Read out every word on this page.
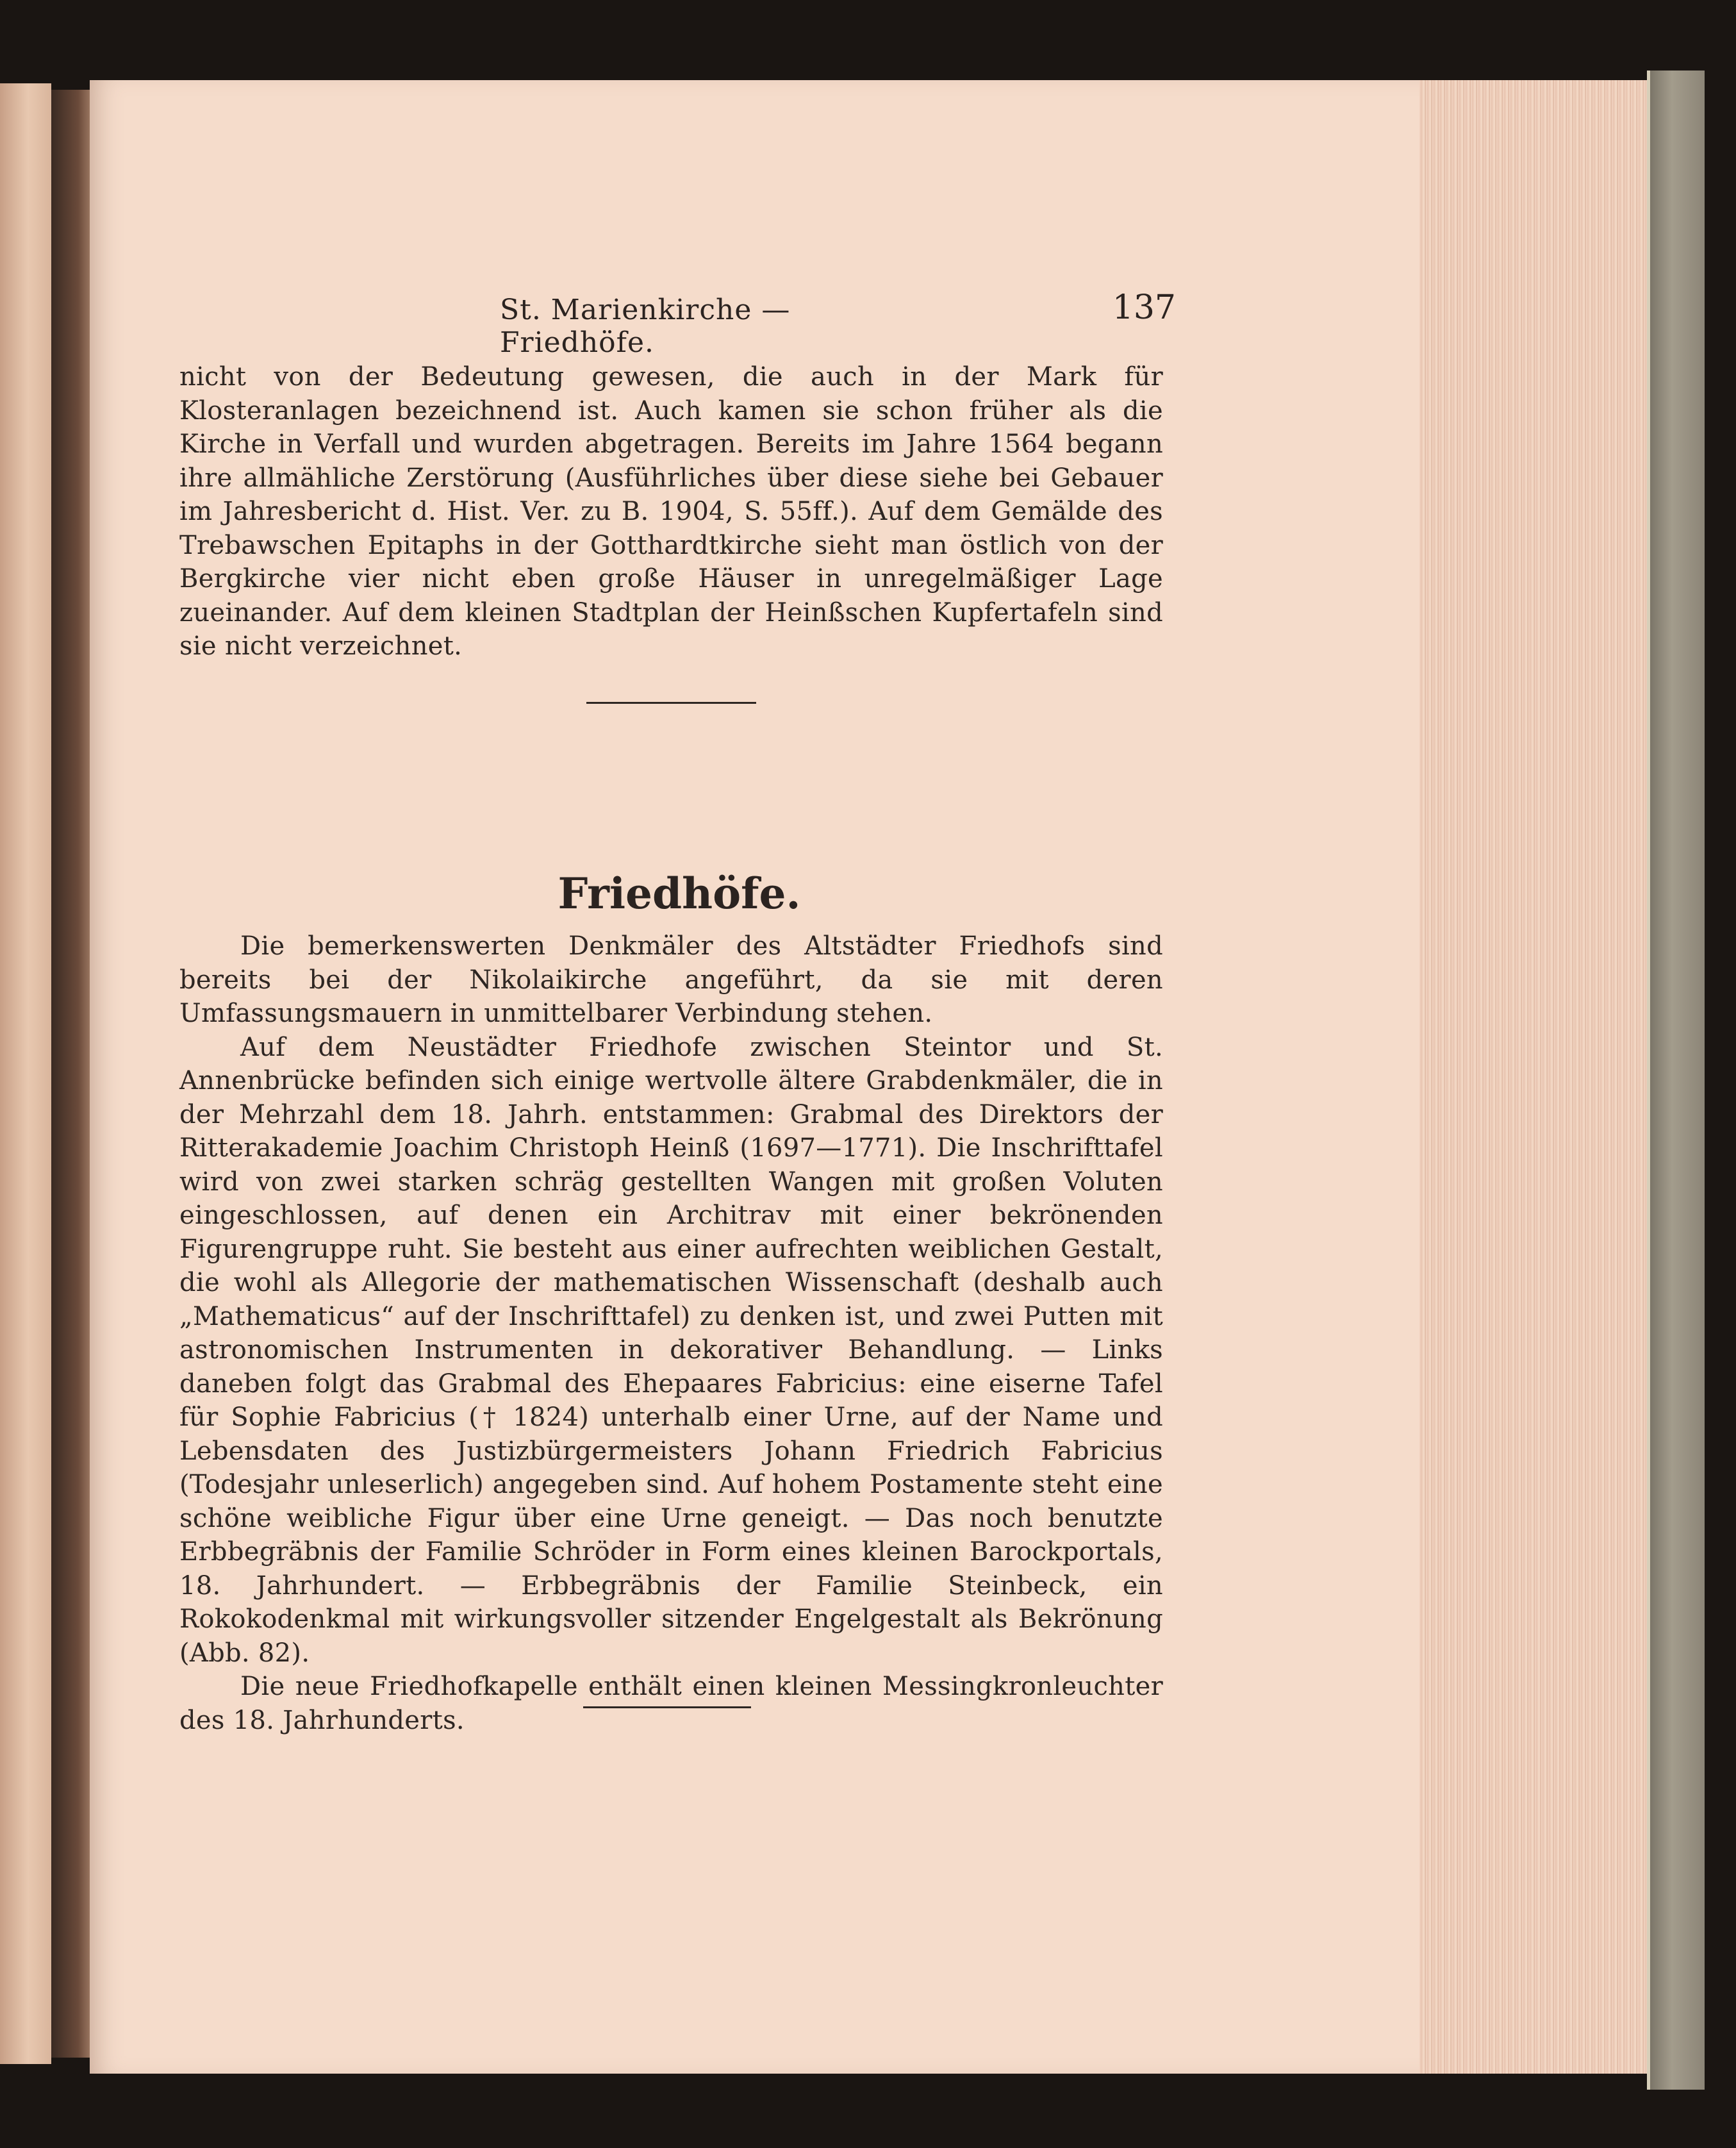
St. Marienkirche — Friedhöfe.
137

nicht von der Bedeutung gewesen, die auch in der Mark für Klosteranlagen bezeichnend ist. Auch kamen sie schon früher als die Kirche in Verfall und wurden abgetragen. Bereits im Jahre 1564 begann ihre allmähliche Zerstörung (Ausführliches über diese siehe bei Gebauer im Jahresbericht d. Hist. Ver. zu B. 1904, S. 55ff.). Auf dem Gemälde des Trebawschen Epitaphs in der Gotthardtkirche sieht man östlich von der Bergkirche vier nicht eben große Häuser in unregelmäßiger Lage zueinander. Auf dem kleinen Stadtplan der Heinßschen Kupfertafeln sind sie nicht verzeichnet.

Friedhöfe.

Die bemerkenswerten Denkmäler des Altstädter Friedhofs sind bereits bei der Nikolaikirche angeführt, da sie mit deren Umfassungsmauern in unmittelbarer Verbindung stehen.

Auf dem Neustädter Friedhofe zwischen Steintor und St. Annenbrücke befinden sich einige wertvolle ältere Grabdenkmäler, die in der Mehrzahl dem 18. Jahrh. entstammen: Grabmal des Direktors der Ritterakademie Joachim Christoph Heinß (1697—1771). Die Inschrifttafel wird von zwei starken schräg gestellten Wangen mit großen Voluten eingeschlossen, auf denen ein Architrav mit einer bekrönenden Figurengruppe ruht. Sie besteht aus einer aufrechten weiblichen Gestalt, die wohl als Allegorie der mathematischen Wissenschaft (deshalb auch „Mathematicus“ auf der Inschrifttafel) zu denken ist, und zwei Putten mit astronomischen Instrumenten in dekorativer Behandlung. — Links daneben folgt das Grabmal des Ehepaares Fabricius: eine eiserne Tafel für Sophie Fabricius († 1824) unterhalb einer Urne, auf der Name und Lebensdaten des Justizbürgermeisters Johann Friedrich Fabricius (Todesjahr unleserlich) angegeben sind. Auf hohem Postamente steht eine schöne weibliche Figur über eine Urne geneigt. — Das noch benutzte Erbbegräbnis der Familie Schröder in Form eines kleinen Barockportals, 18. Jahrhundert. — Erbbegräbnis der Familie Steinbeck, ein Rokokodenkmal mit wirkungsvoller sitzender Engelgestalt als Bekrönung (Abb. 82).

Die neue Friedhofkapelle enthält einen kleinen Messingkronleuchter des 18. Jahrhunderts.
